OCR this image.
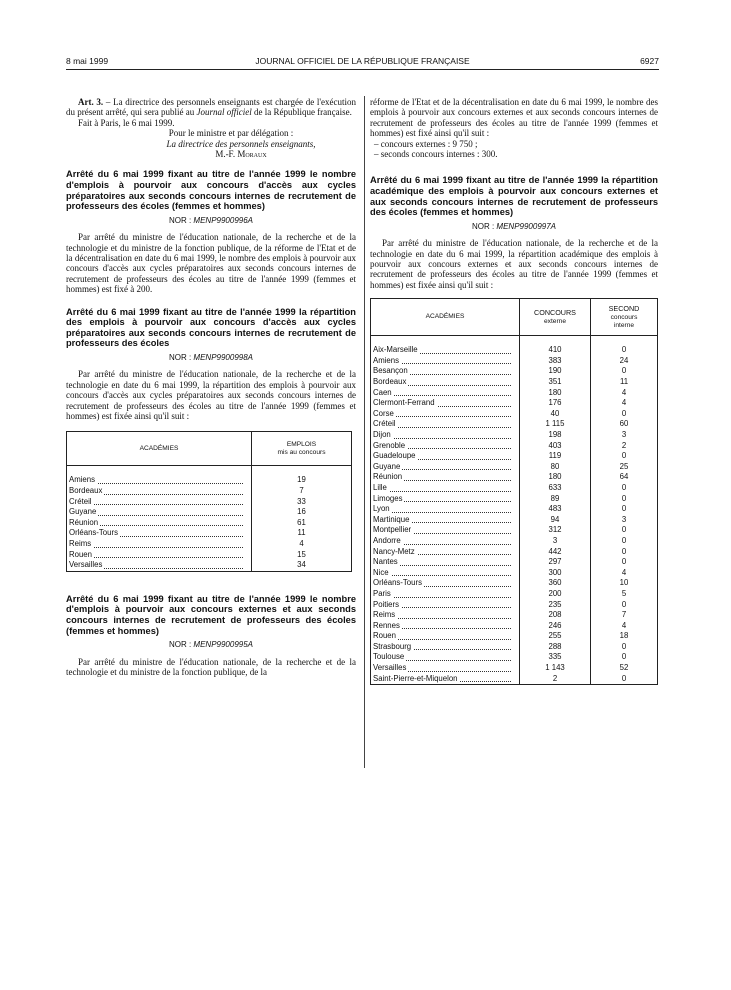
8 mai 1999	JOURNAL OFFICIEL DE LA RÉPUBLIQUE FRANÇAISE	6927

Art. 3. – La directrice des personnels enseignants est chargée de l'exécution du présent arrêté, qui sera publié au Journal officiel de la République française.

Fait à Paris, le 6 mai 1999.

Pour le ministre et par délégation :

La directrice des personnels enseignants,

M.-F. Moraux

Arrêté du 6 mai 1999 fixant au titre de l'année 1999 le nombre d'emplois à pourvoir aux concours d'accès aux cycles préparatoires aux seconds concours internes de recrutement de professeurs des écoles (femmes et hommes)
NOR : MENP9900996A

Par arrêté du ministre de l'éducation nationale, de la recherche et de la technologie et du ministre de la fonction publique, de la réforme de l'Etat et de la décentralisation en date du 6 mai 1999, le nombre des emplois à pourvoir aux concours d'accès aux cycles préparatoires aux seconds concours internes de recrutement de professeurs des écoles au titre de l'année 1999 (femmes et hommes) est fixé à 200.

Arrêté du 6 mai 1999 fixant au titre de l'année 1999 la répartition des emplois à pourvoir aux concours d'accès aux cycles préparatoires aux seconds concours internes de recrutement de professeurs des écoles
NOR : MENP9900998A

Par arrêté du ministre de l'éducation nationale, de la recherche et de la technologie en date du 6 mai 1999, la répartition des emplois à pourvoir aux concours d'accès aux cycles préparatoires aux seconds concours internes de recrutement de professeurs des écoles au titre de l'année 1999 (femmes et hommes) est fixée ainsi qu'il suit :

ACADÉMIES	EMPLOIS
mis au concours

Amiens	19

Bordeaux	7

Créteil	33

Guyane	16

Réunion	61

Orléans-Tours	11

Reims	4

Rouen	15

Versailles	34
Arrêté du 6 mai 1999 fixant au titre de l'année 1999 le nombre d'emplois à pourvoir aux concours externes et aux seconds concours internes de recrutement de professeurs des écoles (femmes et hommes)
NOR : MENP9900995A

Par arrêté du ministre de l'éducation nationale, de la recherche et de la technologie et du ministre de la fonction publique, de la

réforme de l'Etat et de la décentralisation en date du 6 mai 1999, le nombre des emplois à pourvoir aux concours externes et aux seconds concours internes de recrutement de professeurs des écoles au titre de l'année 1999 (femmes et hommes) est fixé ainsi qu'il suit :

– concours externes : 9 750 ;

– seconds concours internes : 300.

Arrêté du 6 mai 1999 fixant au titre de l'année 1999 la répartition académique des emplois à pourvoir aux concours externes et aux seconds concours internes de recrutement de professeurs des écoles (femmes et hommes)
NOR : MENP9900997A

Par arrêté du ministre de l'éducation nationale, de la recherche et de la technologie en date du 6 mai 1999, la répartition académique des emplois à pourvoir aux concours externes et aux seconds concours internes de recrutement de professeurs des écoles au titre de l'année 1999 (femmes et hommes) est fixée ainsi qu'il suit :

ACADÉMIES	CONCOURS
externe	SECOND
concours
interne

Aix-Marseille	410	0

Amiens	383	24

Besançon	190	0

Bordeaux	351	11

Caen	180	4

Clermont-Ferrand	176	4

Corse	40	0

Créteil	1 115	60

Dijon	198	3

Grenoble	403	2

Guadeloupe	119	0

Guyane	80	25

Réunion	180	64

Lille	633	0

Limoges	89	0

Lyon	483	0

Martinique	94	3

Montpellier	312	0

Andorre	3	0

Nancy-Metz	442	0

Nantes	297	0

Nice	300	4

Orléans-Tours	360	10

Paris	200	5

Poitiers	235	0

Reims	208	7

Rennes	246	4

Rouen	255	18

Strasbourg	288	0

Toulouse	335	0

Versailles	1 143	52

Saint-Pierre-et-Miquelon	2	0
